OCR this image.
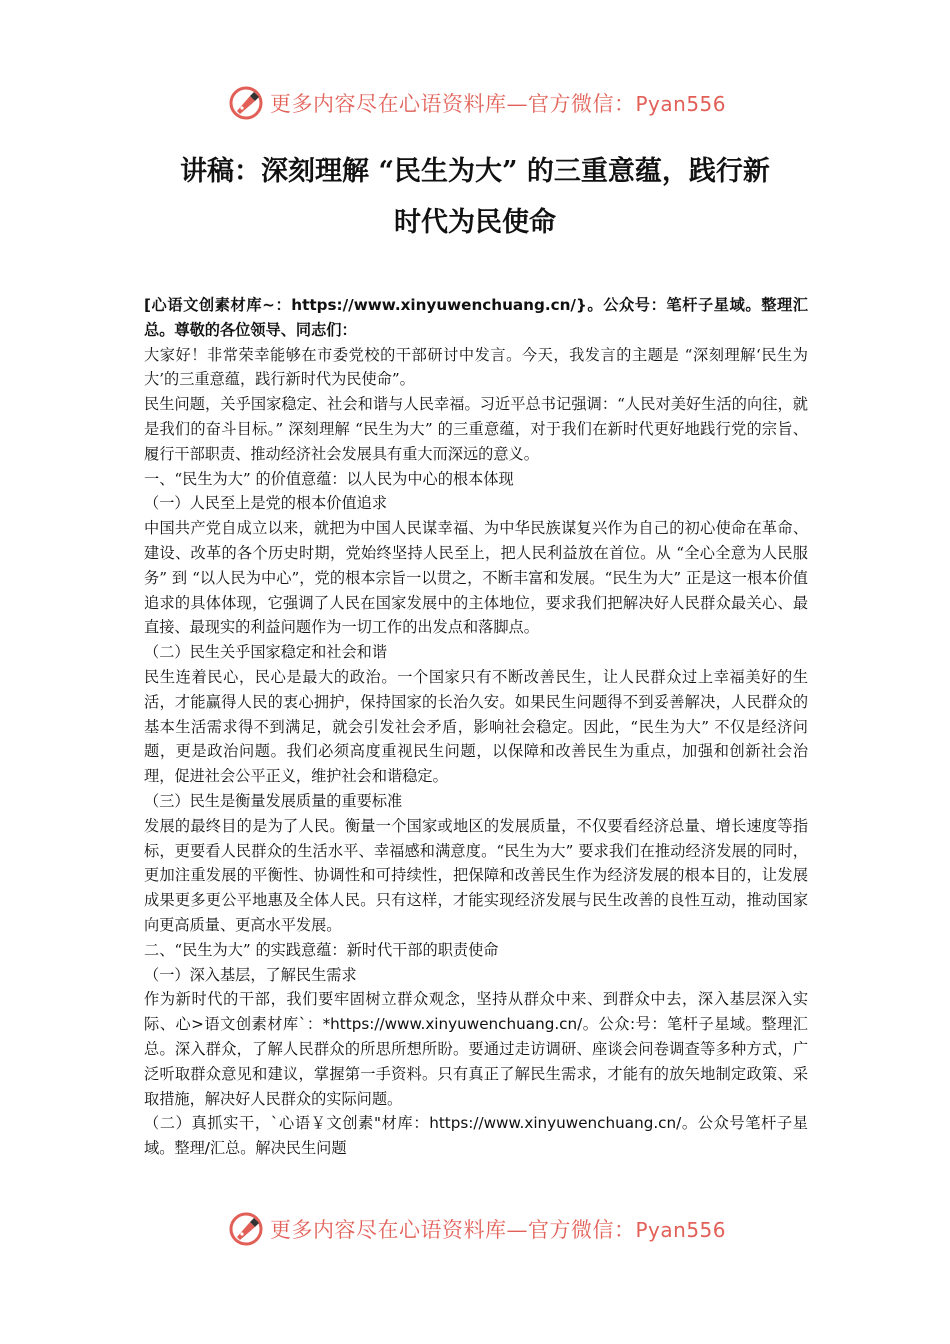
更多内容尽在心语资料库—官方微信：Pyan556
讲稿：深刻理解 “民生为大” 的三重意蕴，践行新
时代为民使命

[心语文创素材库~：https://www.xinyuwenchuang.cn/}。公众号：笔杆子星域。整理汇总。尊敬的各位领导、同志们：

大家好！非常荣幸能够在市委党校的干部研讨中发言。今天，我发言的主题是 “深刻理解‘民生为大’的三重意蕴，践行新时代为民使命”。

民生问题，关乎国家稳定、社会和谐与人民幸福。习近平总书记强调：“人民对美好生活的向往，就是我们的奋斗目标。” 深刻理解 “民生为大” 的三重意蕴，对于我们在新时代更好地践行党的宗旨、履行干部职责、推动经济社会发展具有重大而深远的意义。

一、“民生为大” 的价值意蕴：以人民为中心的根本体现

（一）人民至上是党的根本价值追求

中国共产党自成立以来，就把为中国人民谋幸福、为中华民族谋复兴作为自己的初心使命在革命、建设、改革的各个历史时期，党始终坚持人民至上，把人民利益放在首位。从 “全心全意为人民服务” 到 “以人民为中心”，党的根本宗旨一以贯之，不断丰富和发展。“民生为大” 正是这一根本价值追求的具体体现，它强调了人民在国家发展中的主体地位，要求我们把解决好人民群众最关心、最直接、最现实的利益问题作为一切工作的出发点和落脚点。

（二）民生关乎国家稳定和社会和谐

民生连着民心，民心是最大的政治。一个国家只有不断改善民生，让人民群众过上幸福美好的生活，才能赢得人民的衷心拥护，保持国家的长治久安。如果民生问题得不到妥善解决，人民群众的基本生活需求得不到满足，就会引发社会矛盾，影响社会稳定。因此，“民生为大” 不仅是经济问题，更是政治问题。我们必须高度重视民生问题，以保障和改善民生为重点，加强和创新社会治理，促进社会公平正义，维护社会和谐稳定。

（三）民生是衡量发展质量的重要标准

发展的最终目的是为了人民。衡量一个国家或地区的发展质量，不仅要看经济总量、增长速度等指标，更要看人民群众的生活水平、幸福感和满意度。“民生为大” 要求我们在推动经济发展的同时，更加注重发展的平衡性、协调性和可持续性，把保障和改善民生作为经济发展的根本目的，让发展成果更多更公平地惠及全体人民。只有这样，才能实现经济发展与民生改善的良性互动，推动国家向更高质量、更高水平发展。

二、“民生为大” 的实践意蕴：新时代干部的职责使命

（一）深入基层，了解民生需求

作为新时代的干部，我们要牢固树立群众观念，坚持从群众中来、到群众中去，深入基层深入实际、心>语文创素材库`：*https://www.xinyuwenchuang.cn/。公众:号：笔杆子星域。整理汇总。深入群众，了解人民群众的所思所想所盼。要通过走访调研、座谈会问卷调查等多种方式，广泛听取群众意见和建议，掌握第一手资料。只有真正了解民生需求，才能有的放矢地制定政策、采取措施，解决好人民群众的实际问题。

（二）真抓实干，`心语￥文创素"材库：https://www.xinyuwenchuang.cn/。公众号笔杆子星域。整理/汇总。解决民生问题

更多内容尽在心语资料库—官方微信：Pyan556
